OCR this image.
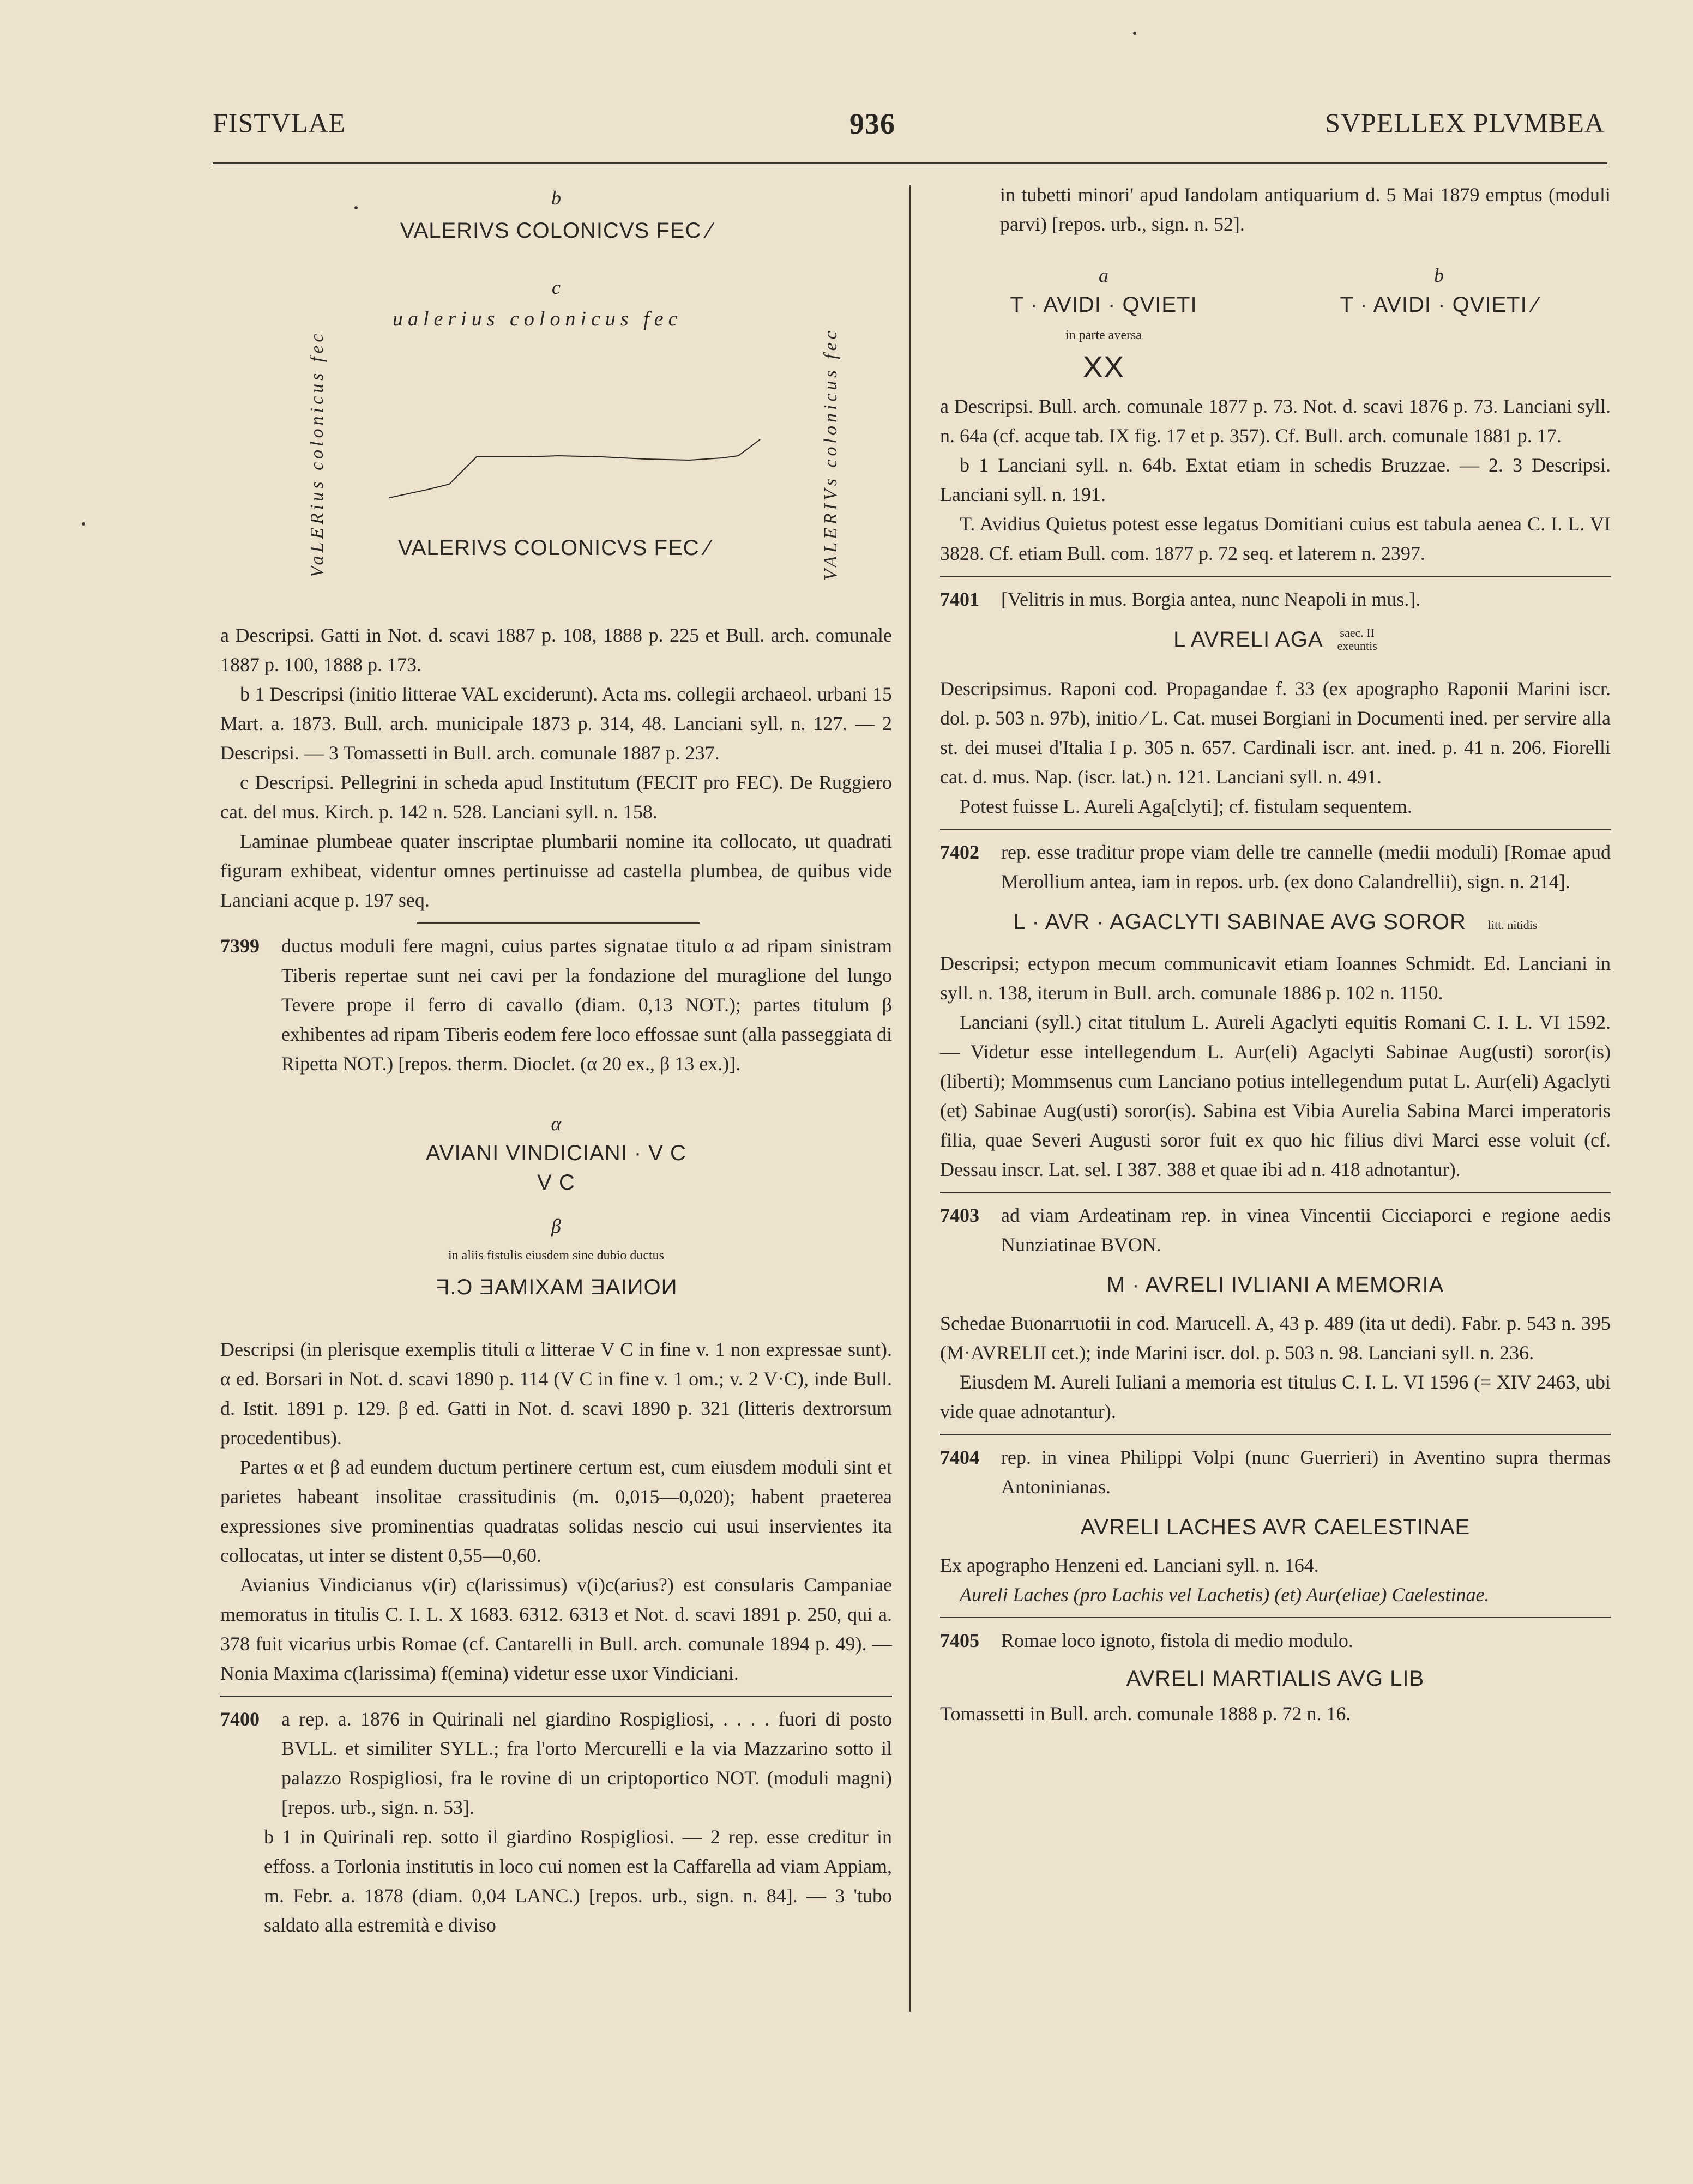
FISTVLAE	936	SVPELLEX PLVMBEA
b
VALERIVS COLONICVS FEC ⁄
c
ualerius colonicus fec
VaLERius colonicus fec	VALERIVs colonicus fec
VALERIVS COLONICVS FEC ⁄

a Descripsi. Gatti in Not. d. scavi 1887 p. 108, 1888 p. 225 et Bull. arch. comunale 1887 p. 100, 1888 p. 173.

b 1 Descripsi (initio litterae VAL exciderunt). Acta ms. collegii archaeol. urbani 15 Mart. a. 1873. Bull. arch. municipale 1873 p. 314, 48. Lanciani syll. n. 127. — 2 Descripsi. — 3 Tomassetti in Bull. arch. comunale 1887 p. 237.

c Descripsi. Pellegrini in scheda apud Institutum (FECIT pro FEC). De Ruggiero cat. del mus. Kirch. p. 142 n. 528. Lanciani syll. n. 158.

Laminae plumbeae quater inscriptae plumbarii nomine ita collocato, ut quadrati figuram exhibeat, videntur omnes pertinuisse ad castella plumbea, de quibus vide Lanciani acque p. 197 seq.

7399	ductus moduli fere magni, cuius partes signatae titulo α ad ripam sinistram Tiberis repertae sunt nei cavi per la fondazione del muraglione del lungo Tevere prope il ferro di cavallo (diam. 0,13 NOT.); partes titulum β exhibentes ad ripam Tiberis eodem fere loco effossae sunt (alla passeggiata di Ripetta NOT.) [repos. therm. Dioclet. (α 20 ex., β 13 ex.)].
α
AVIANI VINDICIANI · V C
V C
β
in aliis fistulis eiusdem sine dubio ductus
NONIAE MAXIMAE C.F

Descripsi (in plerisque exemplis tituli α litterae V C in fine v. 1 non expressae sunt). α ed. Borsari in Not. d. scavi 1890 p. 114 (V C in fine v. 1 om.; v. 2 V·C), inde Bull. d. Istit. 1891 p. 129. β ed. Gatti in Not. d. scavi 1890 p. 321 (litteris dextrorsum procedentibus).

Partes α et β ad eundem ductum pertinere certum est, cum eiusdem moduli sint et parietes habeant insolitae crassitudinis (m. 0,015—0,020); habent praeterea expressiones sive prominentias quadratas solidas nescio cui usui inservientes ita collocatas, ut inter se distent 0,55—0,60.

Avianius Vindicianus v(ir) c(larissimus) v(i)c(arius?) est consularis Campaniae memoratus in titulis C. I. L. X 1683. 6312. 6313 et Not. d. scavi 1891 p. 250, qui a. 378 fuit vicarius urbis Romae (cf. Cantarelli in Bull. arch. comunale 1894 p. 49). — Nonia Maxima c(larissima) f(emina) videtur esse uxor Vindiciani.

7400	a rep. a. 1876 in Quirinali nel giardino Rospigliosi, . . . . fuori di posto BVLL. et similiter SYLL.; fra l'orto Mercurelli e la via Mazzarino sotto il palazzo Rospigliosi, fra le rovine di un criptoportico NOT. (moduli magni) [repos. urb., sign. n. 53].

b 1 in Quirinali rep. sotto il giardino Rospigliosi. — 2 rep. esse creditur in effoss. a Torlonia institutis in loco cui nomen est la Caffarella ad viam Appiam, m. Febr. a. 1878 (diam. 0,04 LANC.) [repos. urb., sign. n. 84]. — 3 'tubo saldato alla estremità e diviso

in tubetti minori' apud Iandolam antiquarium d. 5 Mai 1879 emptus (moduli parvi) [repos. urb., sign. n. 52].

a
T · AVIDI · QVIETI
in parte aversa
XX
b
T · AVIDI · QVIETI ⁄

a Descripsi. Bull. arch. comunale 1877 p. 73. Not. d. scavi 1876 p. 73. Lanciani syll. n. 64a (cf. acque tab. IX fig. 17 et p. 357). Cf. Bull. arch. comunale 1881 p. 17.

b 1 Lanciani syll. n. 64b. Extat etiam in schedis Bruzzae. — 2. 3 Descripsi. Lanciani syll. n. 191.

T. Avidius Quietus potest esse legatus Domitiani cuius est tabula aenea C. I. L. VI 3828. Cf. etiam Bull. com. 1877 p. 72 seq. et laterem n. 2397.

7401	[Velitris in mus. Borgia antea, nunc Neapoli in mus.].
L AVRELI AGA saec. II
exeuntis

Descripsimus. Raponi cod. Propagandae f. 33 (ex apographo Raponii Marini iscr. dol. p. 503 n. 97b), initio ⁄ L. Cat. musei Borgiani in Documenti ined. per servire alla st. dei musei d'Italia I p. 305 n. 657. Cardinali iscr. ant. ined. p. 41 n. 206. Fiorelli cat. d. mus. Nap. (iscr. lat.) n. 121. Lanciani syll. n. 491.

Potest fuisse L. Aureli Aga[clyti]; cf. fistulam sequentem.

7402	rep. esse traditur prope viam delle tre cannelle (medii moduli) [Romae apud Merollium antea, iam in repos. urb. (ex dono Calandrellii), sign. n. 214].
L · AVR · AGACLYTI SABINAE AVG SOROR litt. nitidis

Descripsi; ectypon mecum communicavit etiam Ioannes Schmidt. Ed. Lanciani in syll. n. 138, iterum in Bull. arch. comunale 1886 p. 102 n. 1150.

Lanciani (syll.) citat titulum L. Aureli Agaclyti equitis Romani C. I. L. VI 1592. — Videtur esse intellegendum L. Aur(eli) Agaclyti Sabinae Aug(usti) soror(is) (liberti); Mommsenus cum Lanciano potius intellegendum putat L. Aur(eli) Agaclyti (et) Sabinae Aug(usti) soror(is). Sabina est Vibia Aurelia Sabina Marci imperatoris filia, quae Severi Augusti soror fuit ex quo hic filius divi Marci esse voluit (cf. Dessau inscr. Lat. sel. I 387. 388 et quae ibi ad n. 418 adnotantur).

7403	ad viam Ardeatinam rep. in vinea Vincentii Cicciaporci e regione aedis Nunziatinae BVON.
M · AVRELI IVLIANI A MEMORIA

Schedae Buonarruotii in cod. Marucell. A, 43 p. 489 (ita ut dedi). Fabr. p. 543 n. 395 (M·AVRELII cet.); inde Marini iscr. dol. p. 503 n. 98. Lanciani syll. n. 236.

Eiusdem M. Aureli Iuliani a memoria est titulus C. I. L. VI 1596 (= XIV 2463, ubi vide quae adnotantur).

7404	rep. in vinea Philippi Volpi (nunc Guerrieri) in Aventino supra thermas Antoninianas.
AVRELI LACHES AVR CAELESTINAE

Ex apographo Henzeni ed. Lanciani syll. n. 164.

Aureli Laches (pro Lachis vel Lachetis) (et) Aur(eliae) Caelestinae.

7405	Romae loco ignoto, fistola di medio modulo.
AVRELI MARTIALIS AVG LIB

Tomassetti in Bull. arch. comunale 1888 p. 72 n. 16.
